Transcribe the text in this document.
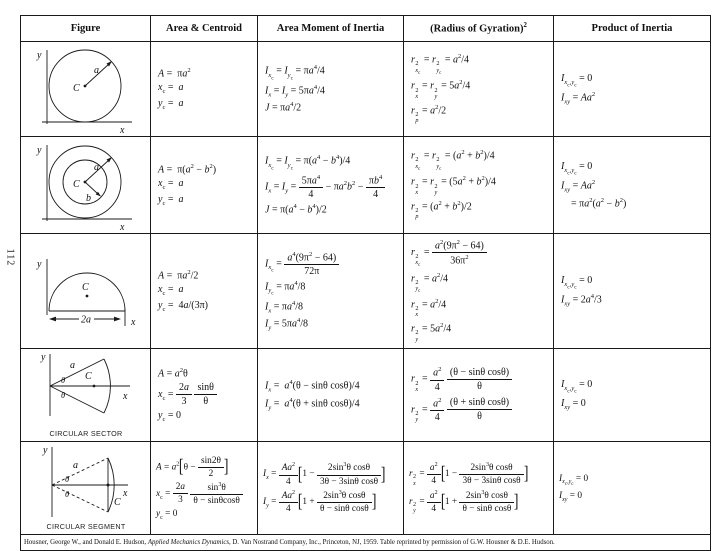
112
Figure	Area & Centroid	Area Moment of Inertia	(Radius of Gyration)$^2$	Product of Inertia

y
x
a
C

$A = \pi a^2$
$x_c = a$
$y_c = a$

$I_{x_c} = I_{y_c} = \pi a^4/4$
$I_x = I_y = 5\pi a^4/4$
$J = \pi a^4/2$

r 2
$x_c$
= r 2
$y_c$
= $a^2/4$
r 2
x
= r 2
y
= $5a^2/4$
r 2
p
= $a^2/2$

$I_{x_c,y_c} = 0$
$I_{xy} = Aa^2$

y
x
a
b
C

$A = \pi(a^2 - b^2)$
$x_c = a$
$y_c = a$

$I_{x_c} = I_{y_c} = \pi(a^4 - b^4)/4$
$I_x = I_y = \frac{5\pi a^4}{4} - \pi a^2b^2 - \frac{\pi b^4}{4}$
$J = \pi(a^4 - b^4)/2$

r 2
$x_c$
= r 2
$y_c$
= $(a^2 + b^2)/4$
r 2
x
= r 2
y
= $(5a^2 + b^2)/4$
r 2
p
= $(a^2 + b^2)/2$

$I_{x_c,y_c} = 0$
$I_{xy} = Aa^2$
= $\pi a^2(a^2 - b^2)$

y
x
C
2a

$A = \pi a^2/2$
$x_c = a$
$y_c = 4a/(3\pi)$

$I_{x_c} = \frac{a^4(9\pi^2 - 64)}{72\pi}$
$I_{y_c} = \pi a^4/8$
$I_x = \pi a^4/8$
$I_y = 5\pi a^4/8$

r 2
$x_c$
= $\frac{a^2(9\pi^2 - 64)}{36\pi^2}$
r 2
$y_c$
= $a^2/4$
r 2
x
= $a^2/4$
r 2
y
= $5a^2/4$

$I_{x_c,y_c} = 0$
$I_{xy} = 2a^4/3$

y
x
a
θ
θ
C
CIRCULAR SECTOR

$A = a^2\theta$
$x_c = \frac{2a}{3}$
$\frac{\sin\theta}{\theta}$
$y_c = 0$

$I_x = a^4(\theta - \sin\theta$ cosθ)/4
$I_y = a^4(\theta + \sin\theta$ cosθ)/4

r 2
x
= $\frac{a^2}{4}$
$\frac{\text{(θ − sinθ cosθ)}}{\theta}$
r 2
y
= $\frac{a^2}{4}$
$\frac{\text{(θ + sinθ cosθ)}}{\theta}$

$I_{x_c,y_c} = 0$
$I_{xy} = 0$

y
x
a
θ
θ
C
CIRCULAR SEGMENT

$A = a^2[\theta - \frac{\sin 2\theta}{2}$ ]
$x_c = \frac{2a}{3}$
$\frac{\sin^3\theta}{\theta - \sin\theta\cos\theta}$
$y_c = 0$

$I_x = \frac{Aa^2}{4} [1 - \frac{2\sin^3\theta \cos\theta}{\text{3θ − 3sinθ cosθ}}$ ]
$I_y = \frac{Aa^2}{4} [1 + \frac{2\sin^3\theta \cos\theta}{\text{θ − sinθ cosθ}}$ ]

r 2
x
= $\frac{a^2}{4} [1 - \frac{2\sin^3\theta \cos\theta}{\text{3θ − 3sinθ cosθ}}$ ]
r 2
y
= $\frac{a^2}{4} [1 + \frac{2\sin^3\theta \cos\theta}{\text{θ − sinθ cosθ}}$ ]

$I_{x_c,y_c} = 0$
$I_{xy} = 0$

Housner, George W., and Donald E. Hudson, Applied Mechanics Dynamics, D. Van Nostrand Company, Inc., Princeton, NJ, 1959. Table reprinted by permission of G.W. Housner & D.E. Hudson.				
